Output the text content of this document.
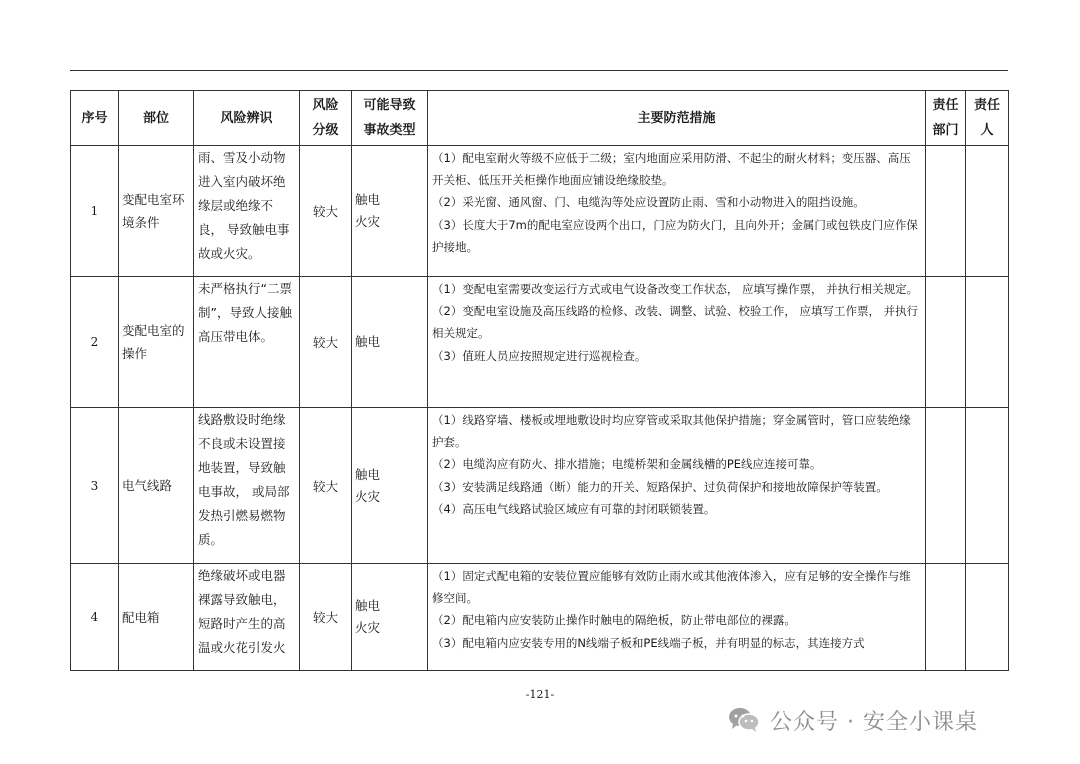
序号	部位	风险辨识	风险分级	可能导致事故类型	主要防范措施	责任部门	责任人
1	变配电室环境条件	雨、雪及小动物进入室内破坏绝缘层或绝缘不良， 导致触电事故或火灾。	较大	触电火灾	（1）配电室耐火等级不应低于二级；室内地面应采用防滑、不起尘的耐火材料；变压器、高压开关柜、低压开关柜操作地面应铺设绝缘胶垫。
（2）采光窗、通风窗、门、电缆沟等处应设置防止雨、雪和小动物进入的阻挡设施。
（3）长度大于7m的配电室应设两个出口，门应为防火门，且向外开；金属门或包铁皮门应作保护接地。		

2	变配电室的操作	未严格执行“二票制”，导致人接触高压带电体。	较大	触电	（1）变配电室需要改变运行方式或电气设备改变工作状态， 应填写操作票， 并执行相关规定。
（2）变配电室设施及高压线路的检修、改装、调整、试验、校验工作， 应填写工作票， 并执行相关规定。
（3）值班人员应按照规定进行巡视检查。		

3	电气线路	线路敷设时绝缘不良或未设置接地装置，导致触电事故， 或局部发热引燃易燃物质。	较大	触电火灾	（1）线路穿墙、楼板或埋地敷设时均应穿管或采取其他保护措施；穿金属管时，管口应装绝缘护套。
（2）电缆沟应有防火、排水措施；电缆桥架和金属线槽的PE线应连接可靠。
（3）安装满足线路通（断）能力的开关、短路保护、过负荷保护和接地故障保护等装置。
（4）高压电气线路试验区域应有可靠的封闭联锁装置。		

4	配电箱	绝缘破坏或电器裸露导致触电，短路时产生的高温或火花引发火	较大	触电火灾	（1）固定式配电箱的安装位置应能够有效防止雨水或其他液体渗入，应有足够的安全操作与维修空间。
（2）配电箱内应安装防止操作时触电的隔绝板，防止带电部位的裸露。
（3）配电箱内应安装专用的N线端子板和PE线端子板，并有明显的标志，其连接方式		

-121-
公众号 · 安全小课桌
